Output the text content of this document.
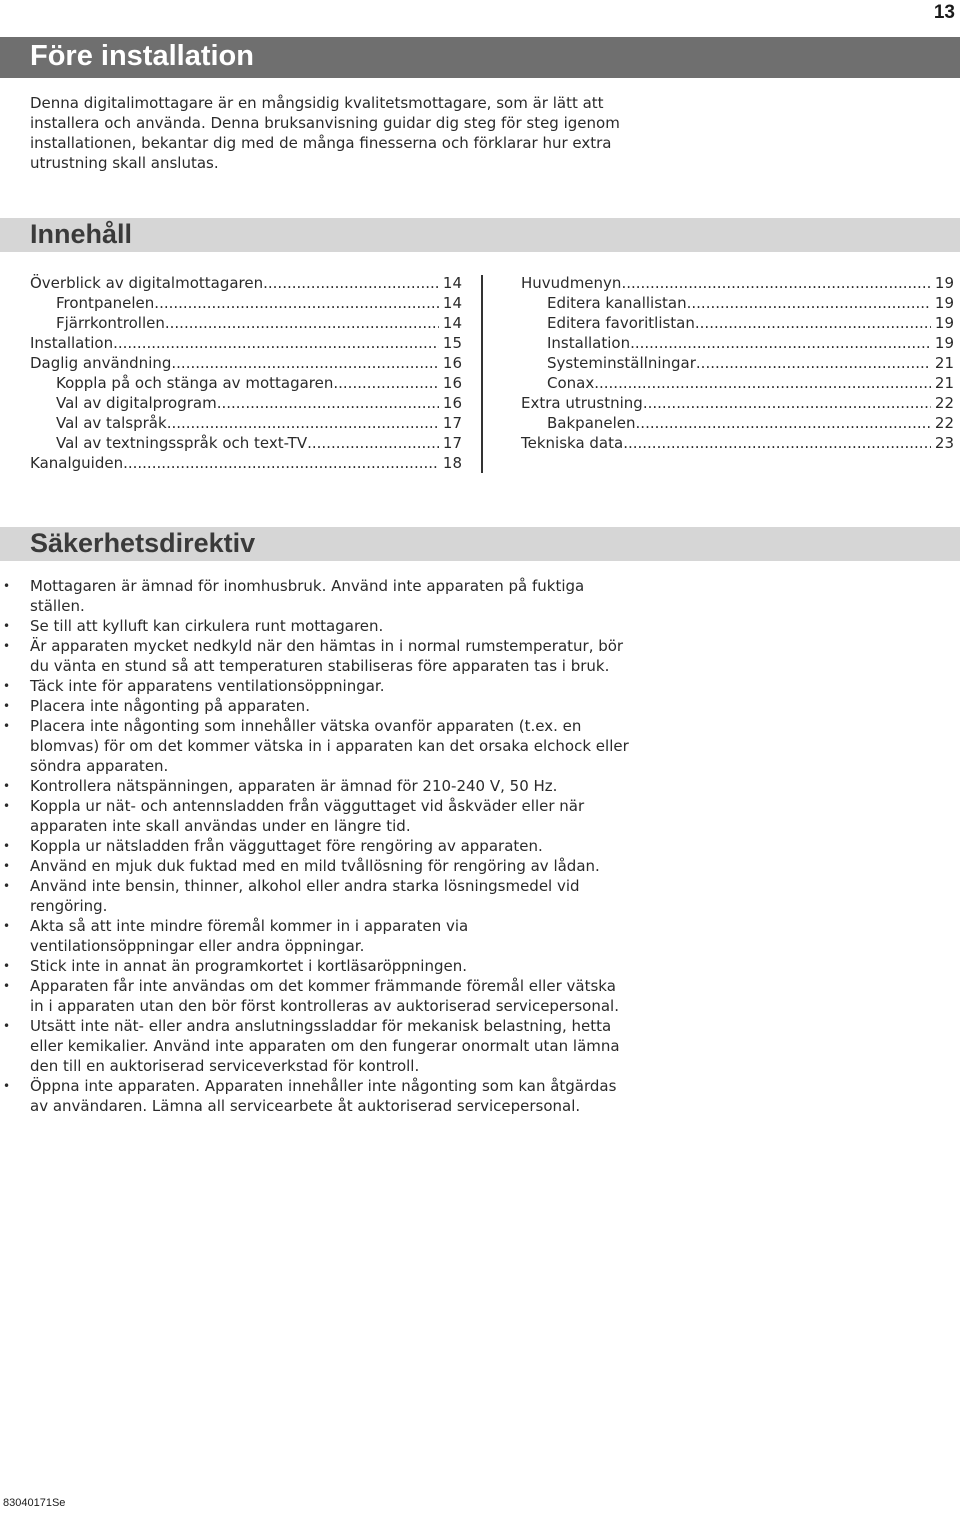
13
Före installation

Denna digitalimottagare är en mångsidig kvalitetsmottagare, som är lätt att installera och använda. Denna bruksanvisning guidar dig steg för steg igenom installationen, bekantar dig med de många finesserna och förklarar hur extra utrustning skall anslutas.

Innehåll
Överblick av digitalmottagaren .....	14
Frontpanelen .....	14
Fjärrkontrollen .....	14
Installation .....	15
Daglig användning .....	16
Koppla på och stänga av mottagaren .....	16
Val av digitalprogram .....	16
Val av talspråk .....	17
Val av textningsspråk och text-TV .....	17
Kanalguiden .....	18
Huvudmenyn .....	19
Editera kanallistan .....	19
Editera favoritlistan .....	19
Installation .....	19
Systeminställningar .....	21
Conax .....	21
Extra utrustning .....	22
Bakpanelen .....	22
Tekniska data .....	23
Säkerhetsdirektiv
• Mottagaren är ämnad för inomhusbruk. Använd inte apparaten på fuktiga ställen.
• Se till att kylluft kan cirkulera runt mottagaren.
• Är apparaten mycket nedkyld när den hämtas in i normal rumstemperatur, bör du vänta en stund så att temperaturen stabiliseras före apparaten tas i bruk.
• Täck inte för apparatens ventilationsöppningar.
• Placera inte någonting på apparaten.
• Placera inte någonting som innehåller vätska ovanför apparaten (t.ex. en blomvas) för om det kommer vätska in i apparaten kan det orsaka elchock eller söndra apparaten.
• Kontrollera nätspänningen, apparaten är ämnad för 210-240 V, 50 Hz.
• Koppla ur nät- och antennsladden från vägguttaget vid åskväder eller när apparaten inte skall användas under en längre tid.
• Koppla ur nätsladden från vägguttaget före rengöring av apparaten.
• Använd en mjuk duk fuktad med en mild tvållösning för rengöring av lådan.
• Använd inte bensin, thinner, alkohol eller andra starka lösningsmedel vid rengöring.
• Akta så att inte mindre föremål kommer in i apparaten via ventilationsöppningar eller andra öppningar.
• Stick inte in annat än programkortet i kortläsaröppningen.
• Apparaten får inte användas om det kommer främmande föremål eller vätska in i apparaten utan den bör först kontrolleras av auktoriserad servicepersonal.
• Utsätt inte nät- eller andra anslutningssladdar för mekanisk belastning, hetta eller kemikalier. Använd inte apparaten om den fungerar onormalt utan lämna den till en auktoriserad serviceverkstad för kontroll.
• Öppna inte apparaten. Apparaten innehåller inte någonting som kan åtgärdas av användaren. Lämna all servicearbete åt auktoriserad servicepersonal.
83040171Se
